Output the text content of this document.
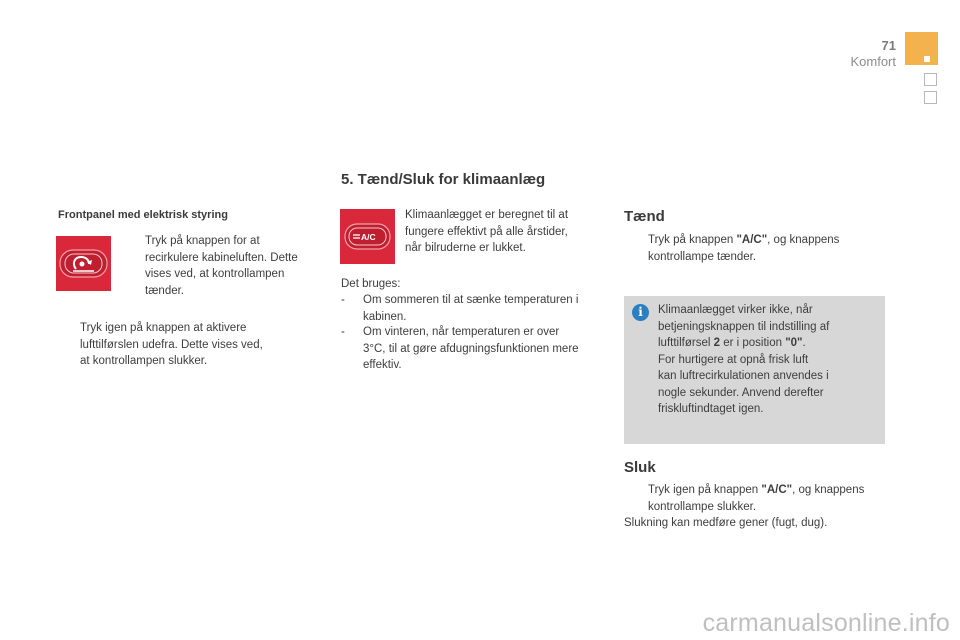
71
Komfort
5. Tænd/Sluk for klimaanlæg
Frontpanel med elektrisk styring
Tryk på knappen for at
recirkulere kabineluften. Dette
vises ved, at kontrollampen
tænder.
Tryk igen på knappen at aktivere
lufttilførslen udefra. Dette vises ved,
at kontrollampen slukker.
A/C
Klimaanlægget er beregnet til at
fungere effektivt på alle årstider,
når bilruderne er lukket.
Det bruges:
- Om sommeren til at sænke temperaturen i
kabinen.
- Om vinteren, når temperaturen er over
3°C, til at gøre afdugningsfunktionen mere
effektiv.
Tænd
Tryk på knappen "A/C", og knappens
kontrollampe tænder.
i	Klimaanlægget virker ikke, når
betjeningsknappen til indstilling af
lufttilførsel 2 er i position "0".
For hurtigere at opnå frisk luft
kan luftrecirkulationen anvendes i
nogle sekunder. Anvend derefter
friskluftindtaget igen.
Sluk
Tryk igen på knappen "A/C", og knappens
kontrollampe slukker.
Slukning kan medføre gener (fugt, dug).
carmanualsonline.info
